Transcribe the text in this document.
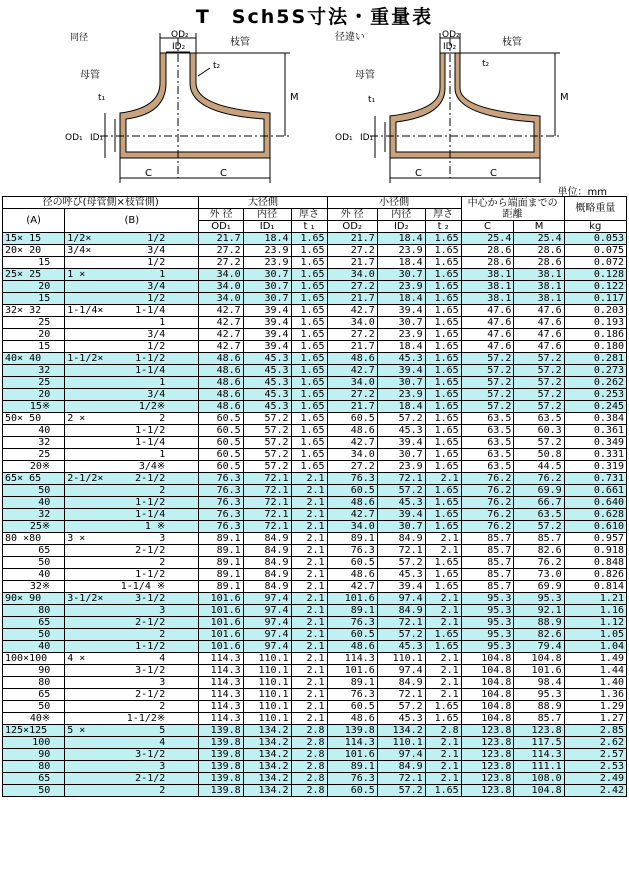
T　Sch5S寸法・重量表
同径	OD₂
ID₂
t₂
枝管
母管
t₁
OD₁ ID₁
M
C	C
径違い	OD₂
ID₂
t₂
枝管
母管
t₁
OD₁ ID₁
M
C	C
単位：mm
径の呼び(母管側×枝管側)		大径側			小径側			中心から端面までの距離		概略重量
(A)	(B)	外 径	内径	厚さ	外 径	内径	厚さ			
		OD₁	ID₁	t ₁	OD₂	ID₂	t ₂	C	M	kg
15× 15	1/2× 1/2	21.7	18.4	1.65	21.7	18.4	1.65	25.4	25.4	0.053
20× 20	3/4× 3/4	27.2	23.9	1.65	27.2	23.9	1.65	28.6	28.6	0.075
15	1/2	27.2	23.9	1.65	21.7	18.4	1.65	28.6	28.6	0.072
25× 25	1 × 1	34.0	30.7	1.65	34.0	30.7	1.65	38.1	38.1	0.128
20	3/4	34.0	30.7	1.65	27.2	23.9	1.65	38.1	38.1	0.122
15	1/2	34.0	30.7	1.65	21.7	18.4	1.65	38.1	38.1	0.117
32× 32	1-1/4× 1-1/4	42.7	39.4	1.65	42.7	39.4	1.65	47.6	47.6	0.203
25	1	42.7	39.4	1.65	34.0	30.7	1.65	47.6	47.6	0.193
20	3/4	42.7	39.4	1.65	27.2	23.9	1.65	47.6	47.6	0.186
15	1/2	42.7	39.4	1.65	21.7	18.4	1.65	47.6	47.6	0.180
40× 40	1-1/2× 1-1/2	48.6	45.3	1.65	48.6	45.3	1.65	57.2	57.2	0.281
32	1-1/4	48.6	45.3	1.65	42.7	39.4	1.65	57.2	57.2	0.273
25	1	48.6	45.3	1.65	34.0	30.7	1.65	57.2	57.2	0.262
20	3/4	48.6	45.3	1.65	27.2	23.9	1.65	57.2	57.2	0.253
15※	1/2※	48.6	45.3	1.65	21.7	18.4	1.65	57.2	57.2	0.245
50× 50	2 × 2	60.5	57.2	1.65	60.5	57.2	1.65	63.5	63.5	0.384
40	1-1/2	60.5	57.2	1.65	48.6	45.3	1.65	63.5	60.3	0.361
32	1-1/4	60.5	57.2	1.65	42.7	39.4	1.65	63.5	57.2	0.349
25	1	60.5	57.2	1.65	34.0	30.7	1.65	63.5	50.8	0.331
20※	3/4※	60.5	57.2	1.65	27.2	23.9	1.65	63.5	44.5	0.319
65× 65	2-1/2× 2-1/2	76.3	72.1	2.1	76.3	72.1	2.1	76.2	76.2	0.731
50	2	76.3	72.1	2.1	60.5	57.2	1.65	76.2	69.9	0.661
40	1-1/2	76.3	72.1	2.1	48.6	45.3	1.65	76.2	66.7	0.640
32	1-1/4	76.3	72.1	2.1	42.7	39.4	1.65	76.2	63.5	0.628
25※	1 ※	76.3	72.1	2.1	34.0	30.7	1.65	76.2	57.2	0.610
80 ×80	3 × 3	89.1	84.9	2.1	89.1	84.9	2.1	85.7	85.7	0.957
65	2-1/2	89.1	84.9	2.1	76.3	72.1	2.1	85.7	82.6	0.918
50	2	89.1	84.9	2.1	60.5	57.2	1.65	85.7	76.2	0.848
40	1-1/2	89.1	84.9	2.1	48.6	45.3	1.65	85.7	73.0	0.826
32※	1-1/4 ※	89.1	84.9	2.1	42.7	39.4	1.65	85.7	69.9	0.814
90× 90	3-1/2× 3-1/2	101.6	97.4	2.1	101.6	97.4	2.1	95.3	95.3	1.21
80	3	101.6	97.4	2.1	89.1	84.9	2.1	95.3	92.1	1.16
65	2-1/2	101.6	97.4	2.1	76.3	72.1	2.1	95.3	88.9	1.12
50	2	101.6	97.4	2.1	60.5	57.2	1.65	95.3	82.6	1.05
40	1-1/2	101.6	97.4	2.1	48.6	45.3	1.65	95.3	79.4	1.04
100×100	4 × 4	114.3	110.1	2.1	114.3	110.1	2.1	104.8	104.8	1.49
90	3-1/2	114.3	110.1	2.1	101.6	97.4	2.1	104.8	101.6	1.44
80	3	114.3	110.1	2.1	89.1	84.9	2.1	104.8	98.4	1.40
65	2-1/2	114.3	110.1	2.1	76.3	72.1	2.1	104.8	95.3	1.36
50	2	114.3	110.1	2.1	60.5	57.2	1.65	104.8	88.9	1.29
40※	1-1/2※	114.3	110.1	2.1	48.6	45.3	1.65	104.8	85.7	1.27
125×125	5 × 5	139.8	134.2	2.8	139.8	134.2	2.8	123.8	123.8	2.85
100	4	139.8	134.2	2.8	114.3	110.1	2.1	123.8	117.5	2.62
90	3-1/2	139.8	134.2	2.8	101.6	97.4	2.1	123.8	114.3	2.57
80	3	139.8	134.2	2.8	89.1	84.9	2.1	123.8	111.1	2.53
65	2-1/2	139.8	134.2	2.8	76.3	72.1	2.1	123.8	108.0	2.49
50	2	139.8	134.2	2.8	60.5	57.2	1.65	123.8	104.8	2.42
